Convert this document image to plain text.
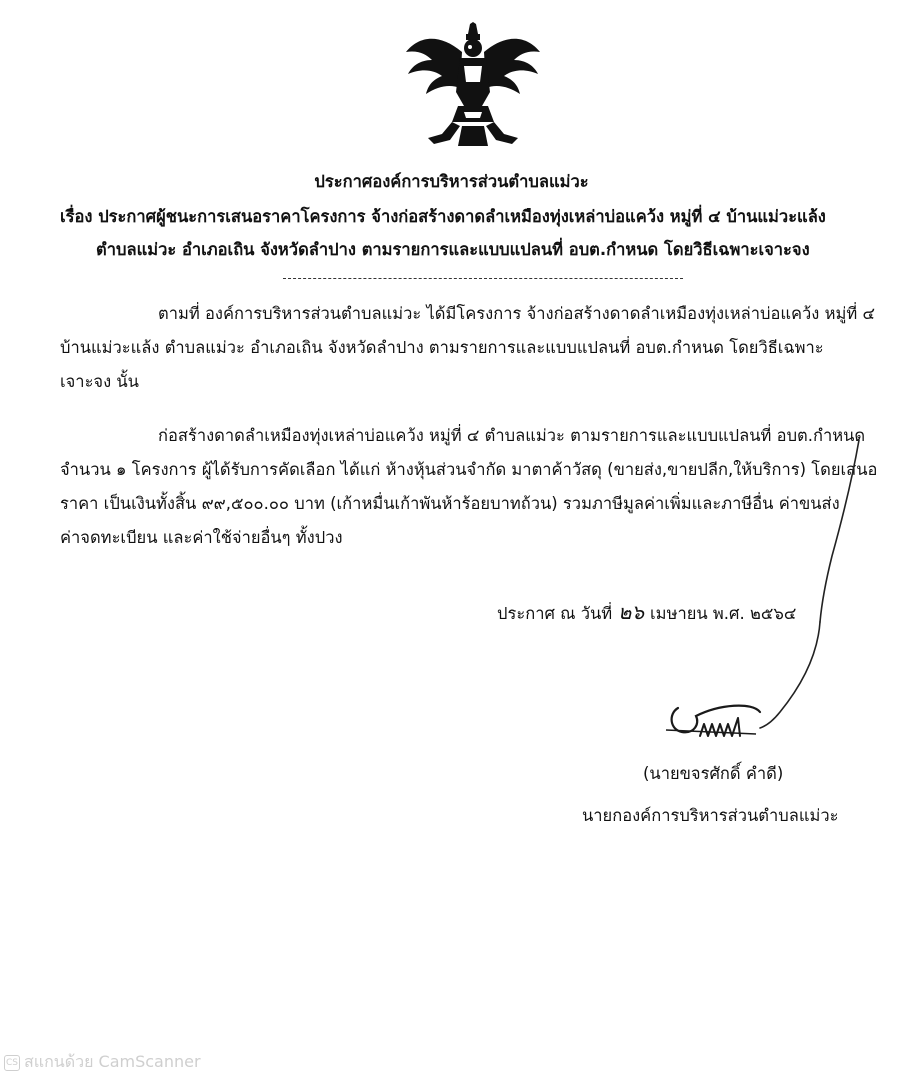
ประกาศองค์การบริหารส่วนตำบลแม่วะ
เรื่อง ประกาศผู้ชนะการเสนอราคาโครงการ จ้างก่อสร้างดาดลำเหมืองทุ่งเหล่าบ่อแคว้ง หมู่ที่ ๔ บ้านแม่วะแล้ง
ตำบลแม่วะ อำเภอเถิน จังหวัดลำปาง ตามรายการและแบบแปลนที่ อบต.กำหนด โดยวิธีเฉพาะเจาะจง
ตามที่ องค์การบริหารส่วนตำบลแม่วะ ได้มีโครงการ จ้างก่อสร้างดาดลำเหมืองทุ่งเหล่าบ่อแคว้ง หมู่ที่ ๔
บ้านแม่วะแล้ง ตำบลแม่วะ อำเภอเถิน จังหวัดลำปาง ตามรายการและแบบแปลนที่ อบต.กำหนด โดยวิธีเฉพาะ
เจาะจง นั้น
ก่อสร้างดาดลำเหมืองทุ่งเหล่าบ่อแคว้ง หมู่ที่ ๔ ตำบลแม่วะ ตามรายการและแบบแปลนที่ อบต.กำหนด
จำนวน ๑ โครงการ ผู้ได้รับการคัดเลือก ได้แก่ ห้างหุ้นส่วนจำกัด มาตาค้าวัสดุ (ขายส่ง,ขายปลีก,ให้บริการ) โดยเสนอ
ราคา เป็นเงินทั้งสิ้น ๙๙,๕๐๐.๐๐ บาท (เก้าหมื่นเก้าพันห้าร้อยบาทถ้วน) รวมภาษีมูลค่าเพิ่มและภาษีอื่น ค่าขนส่ง
ค่าจดทะเบียน และค่าใช้จ่ายอื่นๆ ทั้งปวง
ประกาศ ณ วันที่ ๒๖ เมษายน พ.ศ. ๒๕๖๔
(นายขจรศักดิ์ คำดี)
นายกองค์การบริหารส่วนตำบลแม่วะ
CS สแกนด้วย CamScanner
